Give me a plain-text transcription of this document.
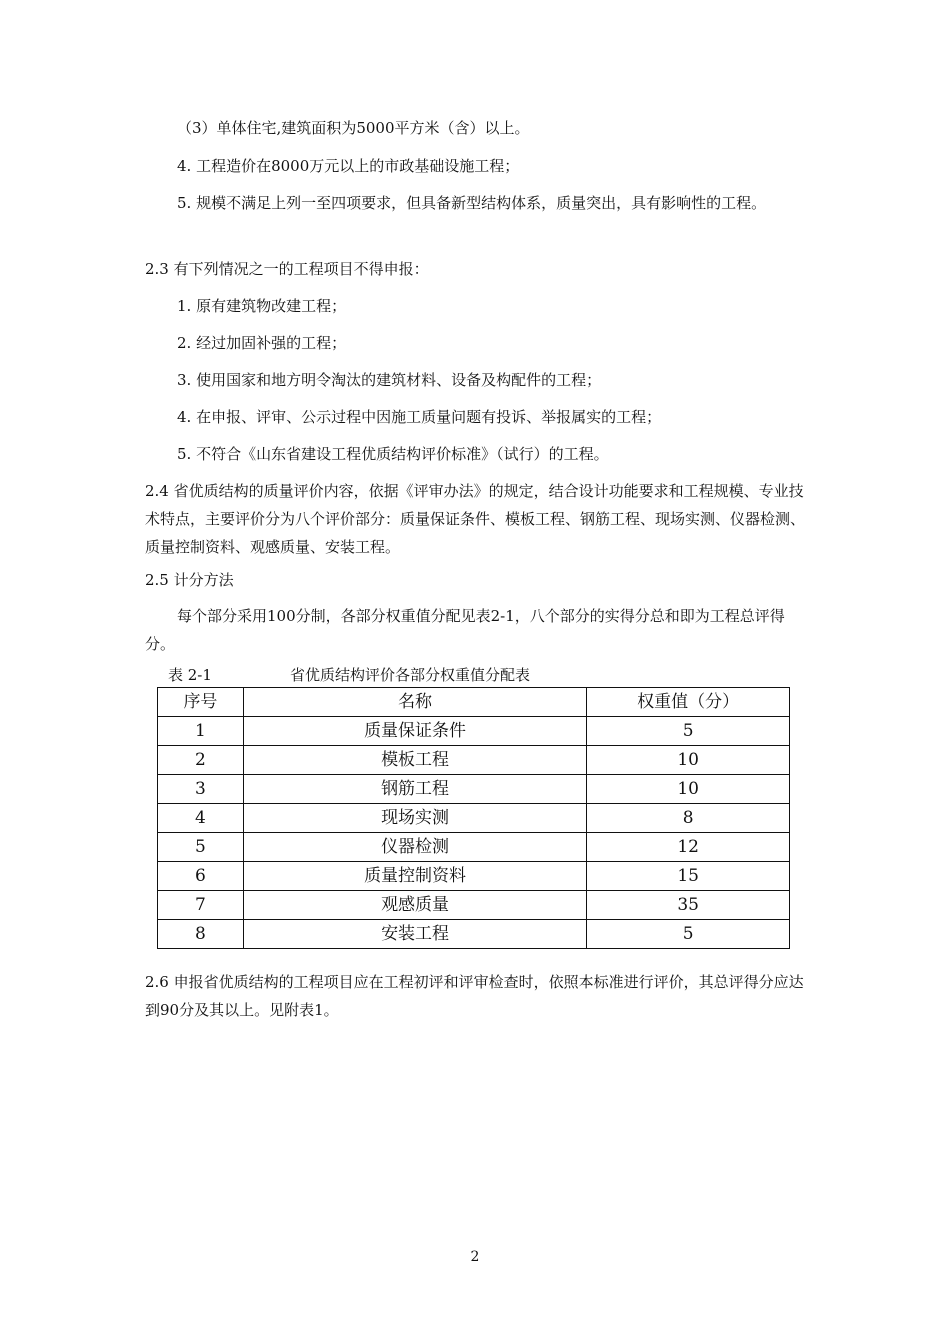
（3）单体住宅,建筑面积为5000平方米（含）以上。

4. 工程造价在8000万元以上的市政基础设施工程；

5. 规模不满足上列一至四项要求，但具备新型结构体系，质量突出，具有影响性的工程。

2.3 有下列情况之一的工程项目不得申报：

1. 原有建筑物改建工程；

2. 经过加固补强的工程；

3. 使用国家和地方明令淘汰的建筑材料、设备及构配件的工程；

4. 在申报、评审、公示过程中因施工质量问题有投诉、举报属实的工程；

5. 不符合《山东省建设工程优质结构评价标准》（试行）的工程。

2.4 省优质结构的质量评价内容，依据《评审办法》的规定，结合设计功能要求和工程规模、专业技术特点，主要评价分为八个评价部分：质量保证条件、模板工程、钢筋工程、现场实测、仪器检测、质量控制资料、观感质量、安装工程。

2.5 计分方法

每个部分采用100分制，各部分权重值分配见表2-1，八个部分的实得分总和即为工程总评得分。

表 2-1	省优质结构评价各部分权重值分配表
序号	名称	权重值（分）
1	质量保证条件	5
2	模板工程	10
3	钢筋工程	10
4	现场实测	8
5	仪器检测	12
6	质量控制资料	15
7	观感质量	35
8	安装工程	5

2.6 申报省优质结构的工程项目应在工程初评和评审检查时，依照本标准进行评价，其总评得分应达到90分及其以上。见附表1。

2
